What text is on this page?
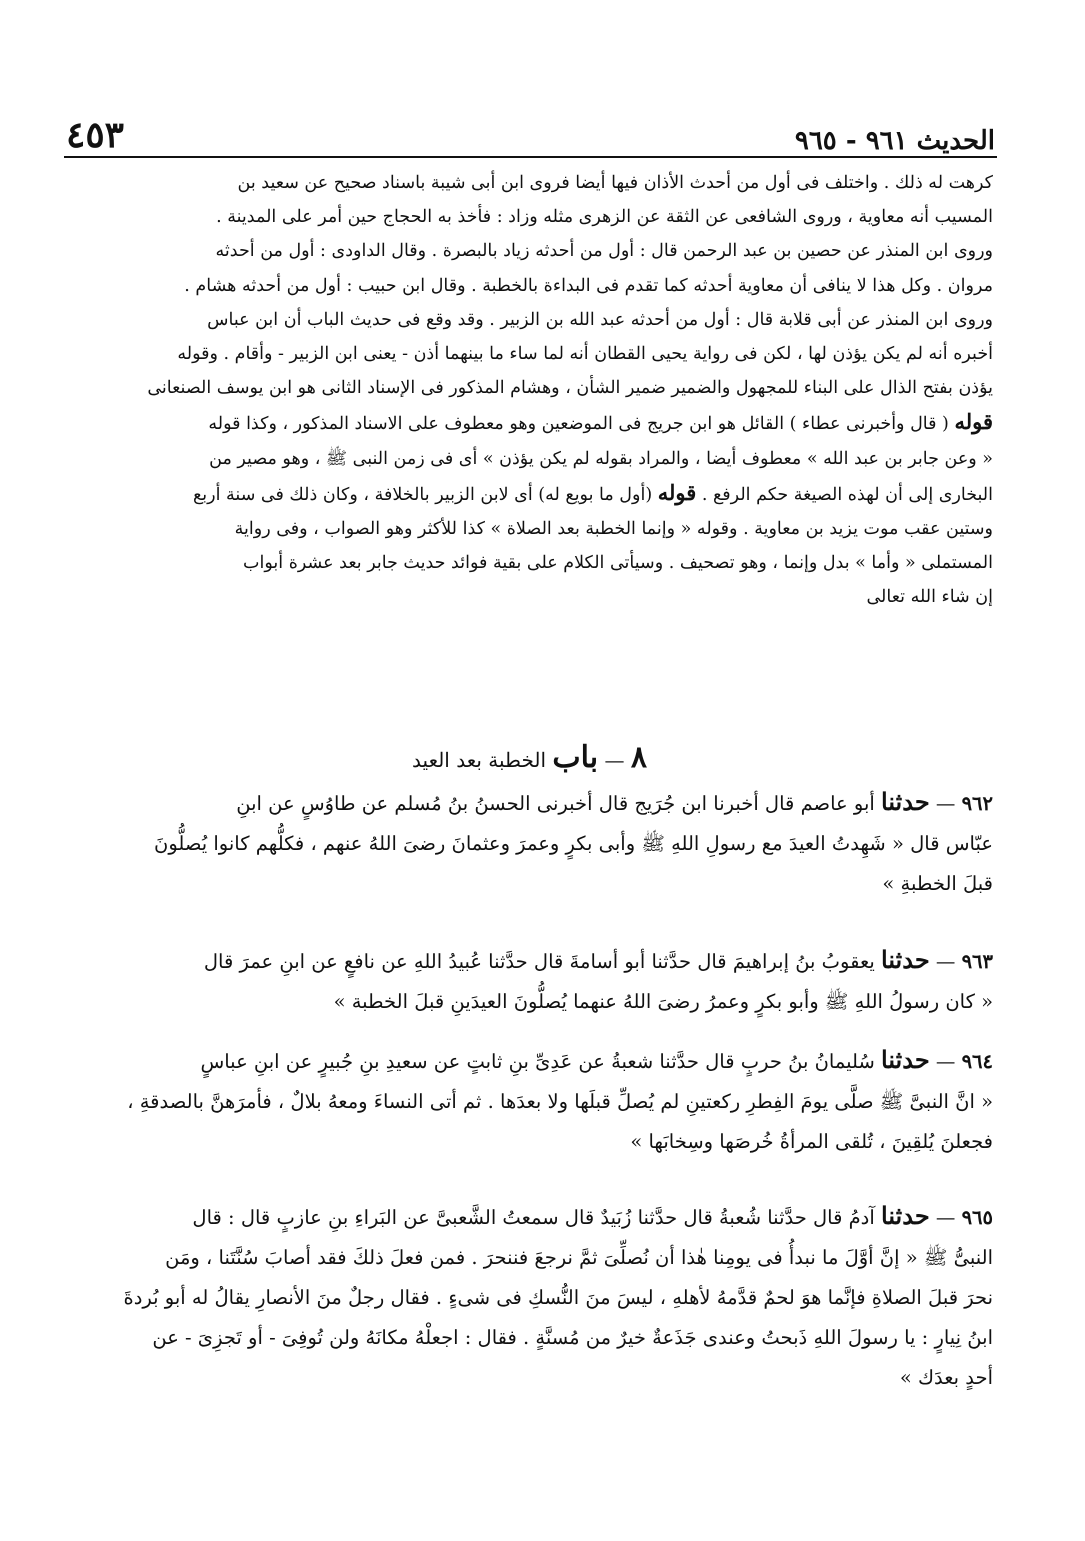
٤٥٣	الحديث ٩٦١ - ٩٦٥

كرهت له ذلك . واختلف فى أول من أحدث الأذان فيها أيضا فروى ابن أبى شيبة باسناد صحيح عن سعيد بن

المسيب أنه معاوية ، وروى الشافعى عن الثقة عن الزهرى مثله وزاد : فأخذ به الحجاج حين أمر على المدينة .

وروى ابن المنذر عن حصين بن عبد الرحمن قال : أول من أحدثه زياد بالبصرة . وقال الداودى : أول من أحدثه

مروان . وكل هذا لا ينافى أن معاوية أحدثه كما تقدم فى البداءة بالخطبة . وقال ابن حبيب : أول من أحدثه هشام .

وروى ابن المنذر عن أبى قلابة قال : أول من أحدثه عبد الله بن الزبير . وقد وقع فى حديث الباب أن ابن عباس

أخبره أنه لم يكن يؤذن لها ، لكن فى رواية يحيى القطان أنه لما ساء ما بينهما أذن - يعنى ابن الزبير - وأقام . وقوله

يؤذن بفتح الذال على البناء للمجهول والضمير ضمير الشأن ، وهشام المذكور فى الإسناد الثانى هو ابن يوسف الصنعانى

قوله ( قال وأخبرنى عطاء ) القائل هو ابن جريج فى الموضعين وهو معطوف على الاسناد المذكور ، وكذا قوله

« وعن جابر بن عبد الله » معطوف أيضا ، والمراد بقوله لم يكن يؤذن » أى فى زمن النبى ﷺ ، وهو مصير من

البخارى إلى أن لهذه الصيغة حكم الرفع . قوله (أول ما بويع له) أى لابن الزبير بالخلافة ، وكان ذلك فى سنة أربع

وستين عقب موت يزيد بن معاوية . وقوله « وإنما الخطبة بعد الصلاة » كذا للأكثر وهو الصواب ، وفى رواية

المستملى « وأما » بدل وإنما ، وهو تصحيف . وسيأتى الكلام على بقية فوائد حديث جابر بعد عشرة أبواب

إن شاء الله تعالى

٨ — باب الخطبة بعد العيد

٩٦٢ — حدثنا أبو عاصم قال أخبرنا ابن جُرَيج قال أخبرنى الحسنُ بنُ مُسلم عن طاوُسٍ عن ابنِ

عبّاس قال « شَهِدتُ العيدَ مع رسولِ اللهِ ﷺ وأبى بكرٍ وعمرَ وعثمانَ رضىَ اللهُ عنهم ، فكلُّهم كانوا يُصلُّونَ

قبلَ الخطبةِ »

٩٦٣ — حدثنا يعقوبُ بنُ إبراهيمَ قال حدَّثنا أبو أسامةَ قال حدَّثنا عُبيدُ اللهِ عن نافعٍ عن ابنِ عمرَ قال

« كان رسولُ اللهِ ﷺ وأبو بكرٍ وعمرُ رضىَ اللهُ عنهما يُصلُّونَ العيدَينِ قبلَ الخطبة »

٩٦٤ — حدثنا سُليمانُ بنُ حربٍ قال حدَّثنا شعبةُ عن عَدِىِّ بنِ ثابتٍ عن سعيدِ بنِ جُبيرٍ عن ابنِ عباسٍ

« انَّ النبىَّ ﷺ صلَّى يومَ الفِطرِ ركعتينِ لم يُصلِّ قبلَها ولا بعدَها . ثم أتى النساءَ ومعهُ بلالٌ ، فأمرَهنَّ بالصدقةِ ،

فجعلنَ يُلقِينَ ، تُلقى المرأةُ خُرصَها وسِخابَها »

٩٦٥ — حدثنا آدمُ قال حدَّثنا شُعبةُ قال حدَّثنا زُبَيدٌ قال سمعتُ الشَّعبىَّ عن البَراءِ بنِ عازبٍ قال : قال

النبىُّ ﷺ « إنَّ أوَّلَ ما نبدأُ فى يومِنا هٰذا أن نُصلِّىَ ثمَّ نرجعَ فننحرَ . فمن فعلَ ذلكَ فقد أصابَ سُنَّتَنا ، ومَن

نحرَ قبلَ الصلاةِ فإنَّما هوَ لحمٌ قدَّمهُ لأهلهِ ، ليسَ منَ النُّسكِ فى شىءٍ . فقال رجلٌ منَ الأنصارِ يقالُ له أبو بُردةَ

ابنُ نِيارٍ : يا رسولَ اللهِ ذَبحتُ وعندى جَذَعةٌ خيرٌ من مُسنَّةٍ . فقال : اجعلْهُ مكانَهُ ولن تُوفِىَ - أو تَجزِىَ - عن

أحدٍ بعدَك »
